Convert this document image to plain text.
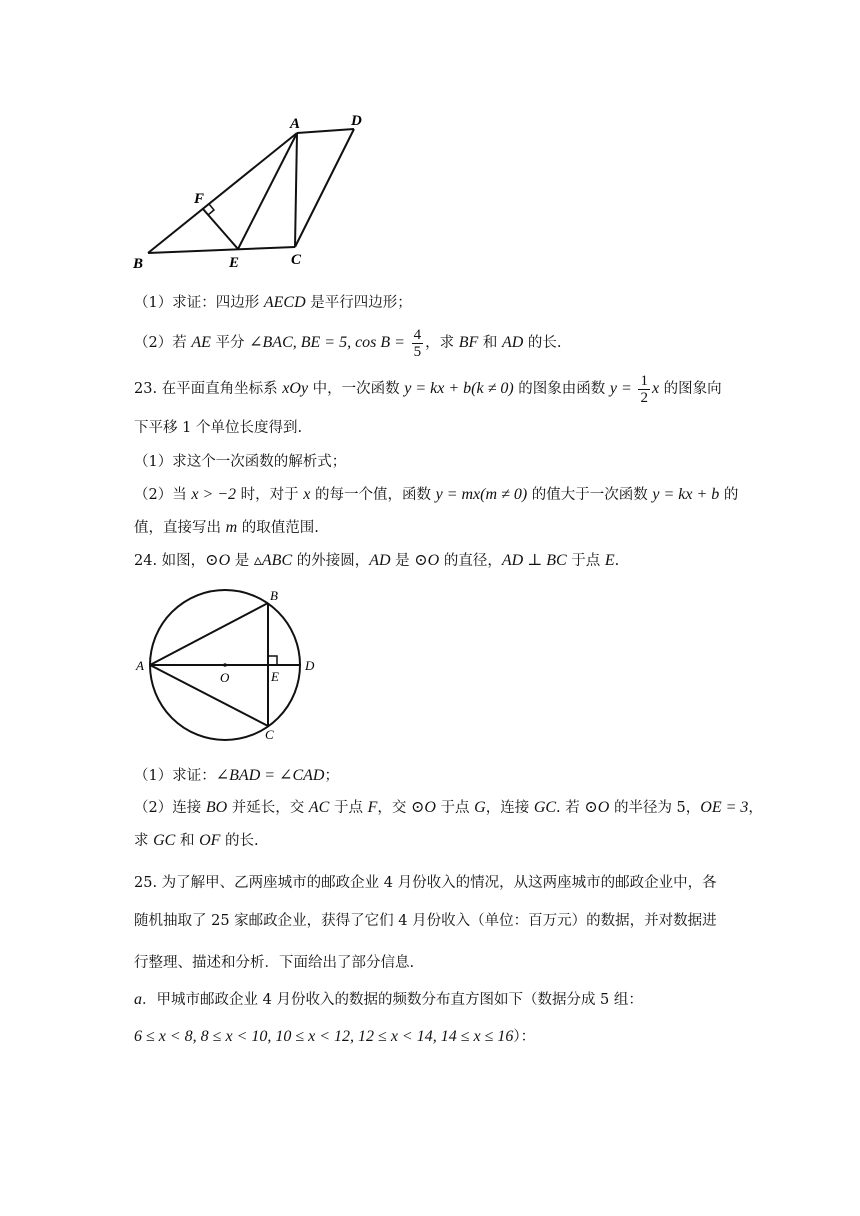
A	D
F
B	E	C
（1）求证：四边形 AECD 是平行四边形；
（2）若 AE 平分 ∠BAC, BE = 5, $\cos B = \frac{4}{5}$ ，求 BF 和 AD 的长.
23. 在平面直角坐标系 xOy 中，一次函数 y = kx + b(k ≠ 0) 的图象由函数 $y = \frac{1}{2}$ x 的图象向
下平移 1 个单位长度得到.
（1）求这个一次函数的解析式；
（2）当 x > −2 时，对于 x 的每一个值，函数 y = mx(m ≠ 0) 的值大于一次函数 y = kx + b 的
值，直接写出 m 的取值范围.
24. 如图，⊙O 是 ▵ABC 的外接圆，AD 是 ⊙O 的直径，AD ⊥ BC 于点 E.
A
B
C
D
O	E
（1）求证：∠BAD = ∠CAD；
（2）连接 BO 并延长，交 AC 于点 F，交 ⊙O 于点 G，连接 GC. 若 ⊙O 的半径为 5，OE = 3，
求 GC 和 OF 的长.
25. 为了解甲、乙两座城市的邮政企业 4 月份收入的情况，从这两座城市的邮政企业中，各
随机抽取了 25 家邮政企业，获得了它们 4 月份收入（单位：百万元）的数据，并对数据进
行整理、描述和分析．下面给出了部分信息.
a．甲城市邮政企业 4 月份收入的数据的频数分布直方图如下（数据分成 5 组：
6 ≤ x < 8, 8 ≤ x < 10, 10 ≤ x < 12, 12 ≤ x < 14, 14 ≤ x ≤ 16）：
